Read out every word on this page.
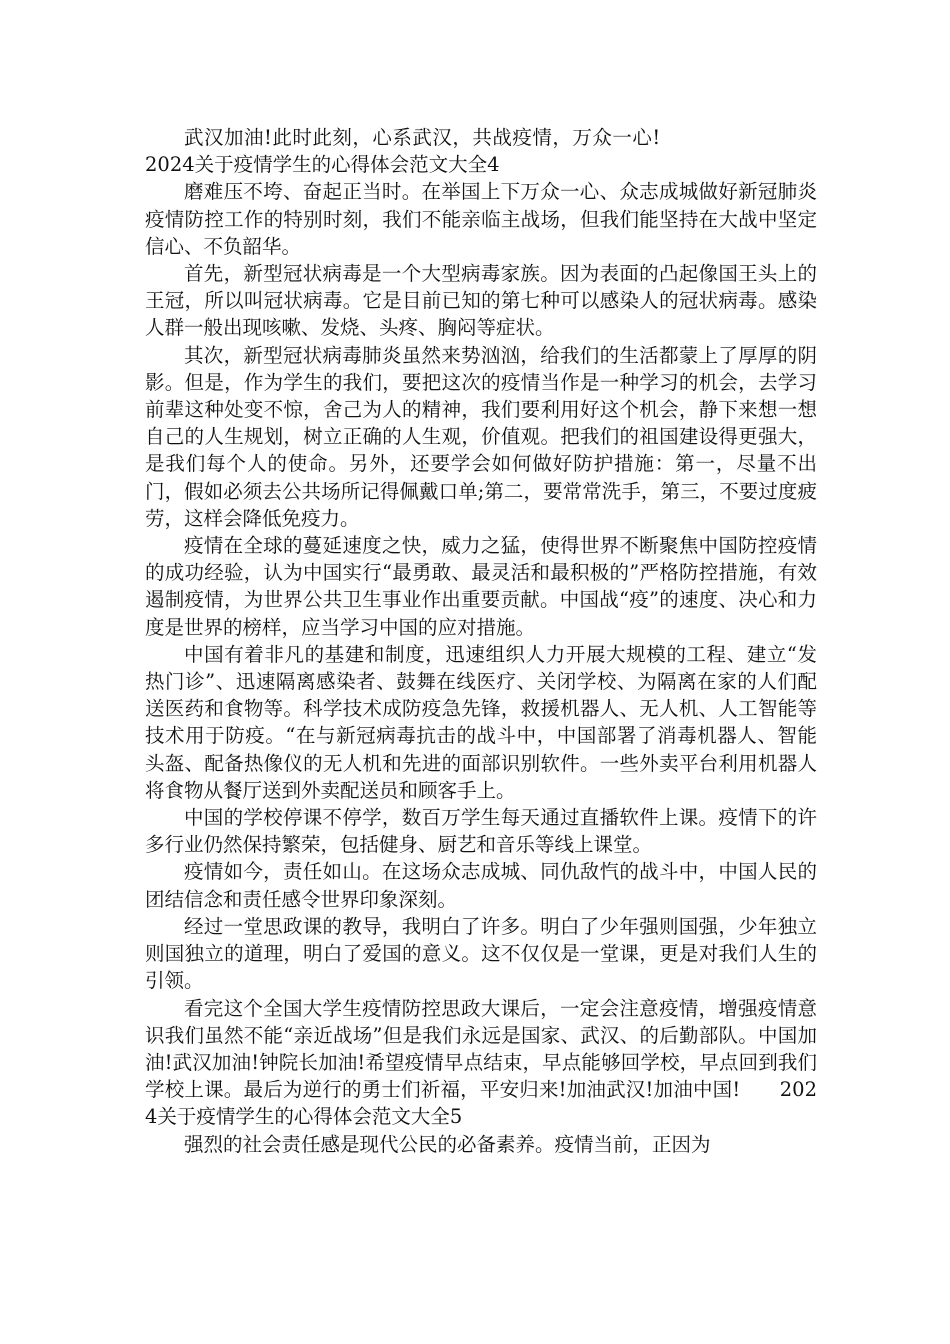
武汉加油!此时此刻，心系武汉，共战疫情，万众一心!

2024关于疫情学生的心得体会范文大全4

磨难压不垮、奋起正当时。在举国上下万众一心、众志成城做好新冠肺炎疫情防控工作的特别时刻，我们不能亲临主战场，但我们能坚持在大战中坚定信心、不负韶华。

首先，新型冠状病毒是一个大型病毒家族。因为表面的凸起像国王头上的王冠，所以叫冠状病毒。它是目前已知的第七种可以感染人的冠状病毒。感染人群一般出现咳嗽、发烧、头疼、胸闷等症状。

其次，新型冠状病毒肺炎虽然来势汹汹，给我们的生活都蒙上了厚厚的阴影。但是，作为学生的我们，要把这次的疫情当作是一种学习的机会，去学习前辈这种处变不惊，舍己为人的精神，我们要利用好这个机会，静下来想一想自己的人生规划，树立正确的人生观，价值观。把我们的祖国建设得更强大，是我们每个人的使命。另外，还要学会如何做好防护措施：第一，尽量不出门，假如必须去公共场所记得佩戴口单;第二，要常常洗手，第三，不要过度疲劳，这样会降低免疫力。

疫情在全球的蔓延速度之快，威力之猛，使得世界不断聚焦中国防控疫情的成功经验，认为中国实行“最勇敢、最灵活和最积极的”严格防控措施，有效遏制疫情，为世界公共卫生事业作出重要贡献。中国战“疫”的速度、决心和力度是世界的榜样，应当学习中国的应对措施。

中国有着非凡的基建和制度，迅速组织人力开展大规模的工程、建立“发热门诊”、迅速隔离感染者、鼓舞在线医疗、关闭学校、为隔离在家的人们配送医药和食物等。科学技术成防疫急先锋，救援机器人、无人机、人工智能等技术用于防疫。“在与新冠病毒抗击的战斗中，中国部署了消毒机器人、智能头盔、配备热像仪的无人机和先进的面部识别软件。一些外卖平台利用机器人将食物从餐厅送到外卖配送员和顾客手上。

中国的学校停课不停学，数百万学生每天通过直播软件上课。疫情下的许多行业仍然保持繁荣，包括健身、厨艺和音乐等线上课堂。

疫情如今，责任如山。在这场众志成城、同仇敌忾的战斗中，中国人民的团结信念和责任感令世界印象深刻。

经过一堂思政课的教导，我明白了许多。明白了少年强则国强，少年独立则国独立的道理，明白了爱国的意义。这不仅仅是一堂课，更是对我们人生的引领。

看完这个全国大学生疫情防控思政大课后，一定会注意疫情，增强疫情意识我们虽然不能“亲近战场”但是我们永远是国家、武汉、的后勤部队。中国加油!武汉加油!钟院长加油!希望疫情早点结束，早点能够回学校，早点回到我们学校上课。最后为逆行的勇士们祈福，平安归来!加油武汉!加油中国!　　2024关于疫情学生的心得体会范文大全5

强烈的社会责任感是现代公民的必备素养。疫情当前，正因为
